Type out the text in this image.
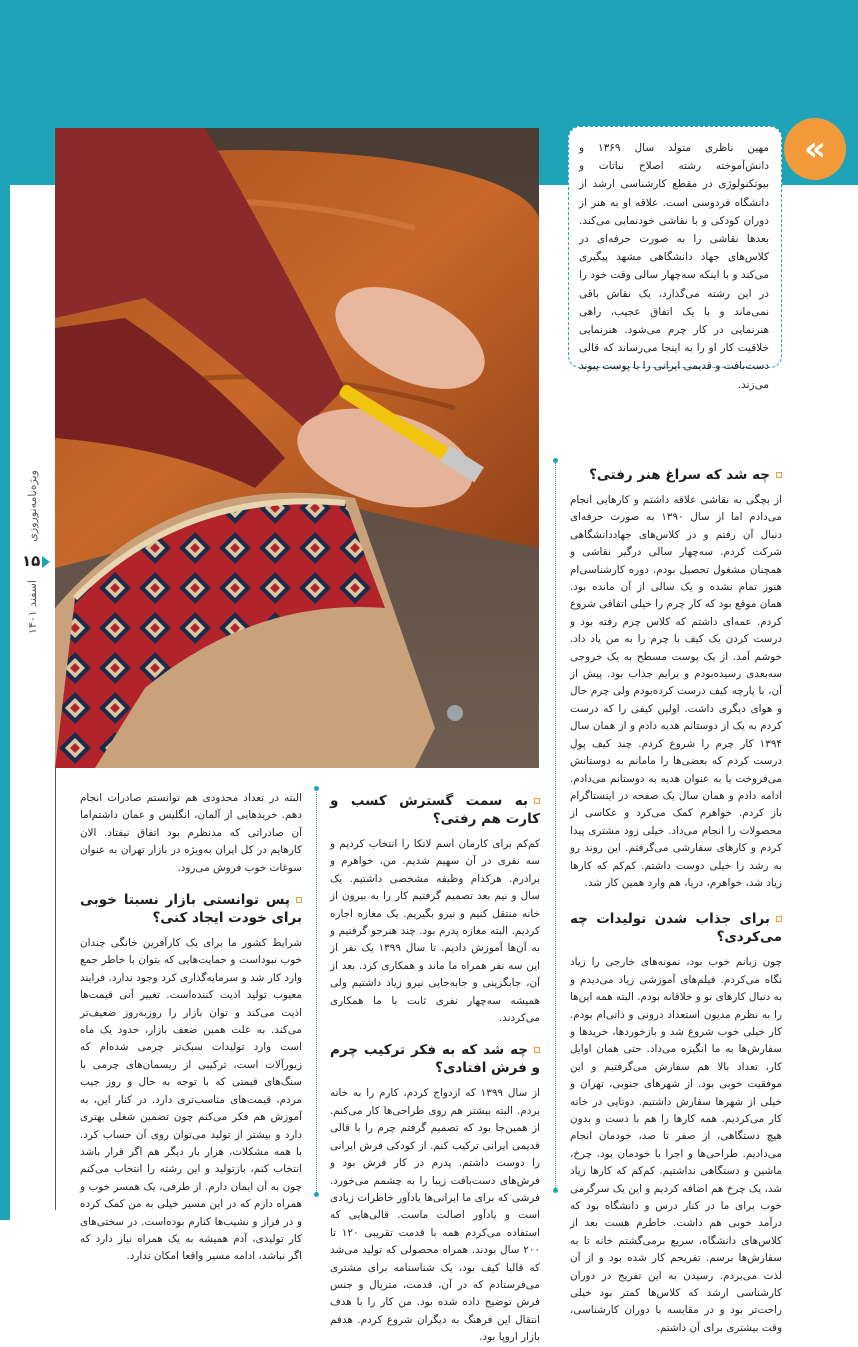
«

مهین ناظری متولد سال ۱۳۶۹ و دانش‌آموخته رشته اصلاح نباتات و بیوتکنولوژی در مقطع کارشناسی ارشد از دانشگاه فردوسی است. علاقه او به هنر از دوران کودکی و با نقاشی خودنمایی می‌کند. بعدها نقاشی را به صورت حرفه‌ای در کلاس‌های جهاد دانشگاهی مشهد پیگیری می‌کند و با اینکه سه‌چهار سالی وقت خود را در این رشته می‌گذارد، یک نقاش باقی نمی‌ماند و با یک اتفاق عجیب، راهی هنرنمایی در کار چرم می‌شود. هنرنمایی خلاقیت کار او را به اینجا می‌رساند که قالی دست‌بافت و قدیمی ایرانی را با پوست پیوند می‌زند.

ویژه‌نامه‌نوروزی
۱۵
اسفند ۱۴۰۱
چه شد که سراغ هنر رفتی؟

از بچگی به نقاشی علاقه داشتم و کارهایی انجام می‌دادم اما از سال ۱۳۹۰ به صورت حرفه‌ای دنبال آن رفتم و در کلاس‌های جهاددانشگاهی شرکت کردم. سه‌چهار سالی درگیر نقاشی و همچنان مشغول تحصیل بودم. دوره کارشناسی‌ام هنوز تمام نشده و یک سالی از آن مانده بود. همان موقع بود که کار چرم را خیلی اتفاقی شروع کردم. عمه‌ای داشتم که کلاس چرم رفته بود و درست کردن یک کیف با چرم را به من یاد داد. خوشم آمد. از یک پوست مسطح به یک خروجی سه‌بعدی رسیده‌بودم و برایم جذاب بود. پیش از آن، با پارچه کیف درست کرده‌بودم ولی چرم حال و هوای دیگری داشت. اولین کیفی را که درست کردم به یک از دوستانم هدیه دادم و از همان سال ۱۳۹۴ کار چرم را شروع کردم. چند کیف پول درست کردم که بعضی‌ها را مامانم به دوستانش می‌فروخت یا به عنوان هدیه به دوستانم می‌دادم. ادامه دادم و همان سال یک صفحه در اینستاگرام باز کردم. خواهرم کمک می‌کرد و عکاسی از محصولات را انجام می‌داد. خیلی زود مشتری پیدا کردم و کارهای سفارشی می‌گرفتم. این روند رو به رشد را خیلی دوست داشتم. کم‌کم که کارها زیاد شد، خواهرم، دریا، هم وارد همین کار شد.

برای جذاب شدن تولیدات چه می‌کردی؟

چون زبانم خوب بود، نمونه‌های خارجی را زیاد نگاه می‌کردم. فیلم‌های آموزشی زیاد می‌دیدم و به دنبال کارهای نو و خلاقانه بودم. البته همه این‌ها را به نظرم مدیون استعداد درونی و ذاتی‌ام بودم. کار خیلی خوب شروع شد و بازخوردها، خریدها و سفارش‌ها به ما انگیزه می‌داد. حتی همان اوایل کار، تعداد بالا هم سفارش می‌گرفتیم و این موفقیت خوبی بود. از شهرهای جنوبی، تهران و خیلی از شهرها سفارش داشتیم. دوتایی در خانه کار می‌کردیم. همه کارها را هم با دست و بدون هیچ دستگاهی، از صفر تا صد، خودمان انجام می‌دادیم. طراحی‌ها و اجرا با خودمان بود. چرخ، ماشین و دستگاهی نداشتیم. کم‌کم که کارها زیاد شد، یک چرخ هم اضافه کردیم و این یک سرگرمی خوب برای ما در کنار درس و دانشگاه بود که درآمد خوبی هم داشت. خاطرم هست بعد از کلاس‌های دانشگاه، سریع برمی‌گشتم خانه تا به سفارش‌ها برسم. تفریحم کار شده بود و از آن لذت می‌بردم. رسیدن به این تفریح در دوران کارشناسی ارشد که کلاس‌ها کمتر بود خیلی راحت‌تر بود و در مقایسه با دوران کارشناسی، وقت بیشتری برای آن داشتم.

به سمت گسترش کسب و کارت هم رفتی؟

کم‌کم برای کارمان اسم لاتکا را انتخاب کردیم و سه نفری در آن سهیم شدیم. من، خواهرم و برادرم. هرکدام وظیفه مشخصی داشتیم. یک سال و نیم بعد تصمیم گرفتیم کار را به بیرون از خانه منتقل کنیم و نیرو بگیریم. یک مغازه اجاره کردیم. البته مغازه پدرم بود. چند هنرجو گرفتیم و به آن‌ها آموزش دادیم. تا سال ۱۳۹۹ یک نفر از این سه نفر همراه ما ماند و همکاری کرد. بعد از آن، جابگزینی و جابه‌جایی نیرو زیاد داشتیم ولی همیشه سه‌چهار نفری ثابت با ما همکاری می‌کردند.

چه شد که به فکر ترکیب چرم و فرش افتادی؟

از سال ۱۳۹۹ که ازدواج کردم، کارم را به خانه بردم. البته بیشتر هم روی طراحی‌ها کار می‌کنم. از همین‌جا بود که تصمیم گرفتم چرم را با قالی قدیمی ایرانی ترکیب کنم. از کودکی فرش ایرانی را دوست داشتم. پدرم در کار فرش بود و فرش‌های دست‌بافت زیبا را به چشمم می‌خورد. فرشی که برای ما ایرانی‌ها یادآور خاطرات زیادی است و یادآور اصالت ماست. قالی‌هایی که استفاده می‌کردم همه با قدمت تقریبی ۱۲۰ تا ۲۰۰ سال بودند. همراه محصولی که تولید می‌شد که قالبا کیف بود، یک شناسنامه برای مشتری می‌فرستادم که در آن، قدمت، متریال و جنس فرش توضیح داده شده بود. من کار را با هدف انتقال این فرهنگ به دیگران شروع کردم. هدفم بازار اروپا بود.

البته در تعداد محدودی هم توانستم صادرات انجام دهم. خریدهایی از آلمان، انگلیس و عمان داشتم‌اما آن صادراتی که مدنظرم بود اتفاق نیفتاد. الان کارهایم در کل ایران به‌ویژه در بازار تهران به عنوان سوغات خوب فروش می‌رود.

پس توانستی بازار نسبتا خوبی برای خودت ایجاد کنی؟

شرایط کشور ما برای یک کارآفرین خانگی چندان خوب نبود‌است و حمایت‌هایی که بتوان با خاطر جمع وارد کار شد و سرمایه‌گذاری کرد وجود ندارد. فرایند معیوب تولید اذیت کننده‌است. تغییر آنی قیمت‌ها اذیت می‌کند و توان بازار را روز‌به‌روز ضعیف‌تر می‌کند. به علت همین ضعف بازار، حدود یک ماه است وارد تولیدات سبک‌تر چرمی شده‌ام که زیورآلات است، ترکیبی از ریسمان‌های چرمی با سنگ‌های قیمتی که با توجه به حال و روز جیب مردم، قیمت‌های مناسب‌تری دارد. در کنار این، به آموزش هم فکر می‌کنم چون تضمین شغلی بهتری دارد و بیشتر از تولید می‌توان روی آن حساب کرد. با همه مشکلات، هزار بار دیگر هم اگر قرار باشد انتخاب کنم، بازتولید و این رشته را انتخاب می‌کنم چون به آن ایمان دارم. از طرفی، یک همسر خوب و همراه دارم که در این مسیر خیلی به من کمک کرده و در فراز و نشیب‌ها کنارم بوده‌است. در سختی‌های کار تولیدی، آدم همیشه به یک همراه نیاز دارد که اگر نباشد، ادامه مسیر واقعا امکان ندارد.
